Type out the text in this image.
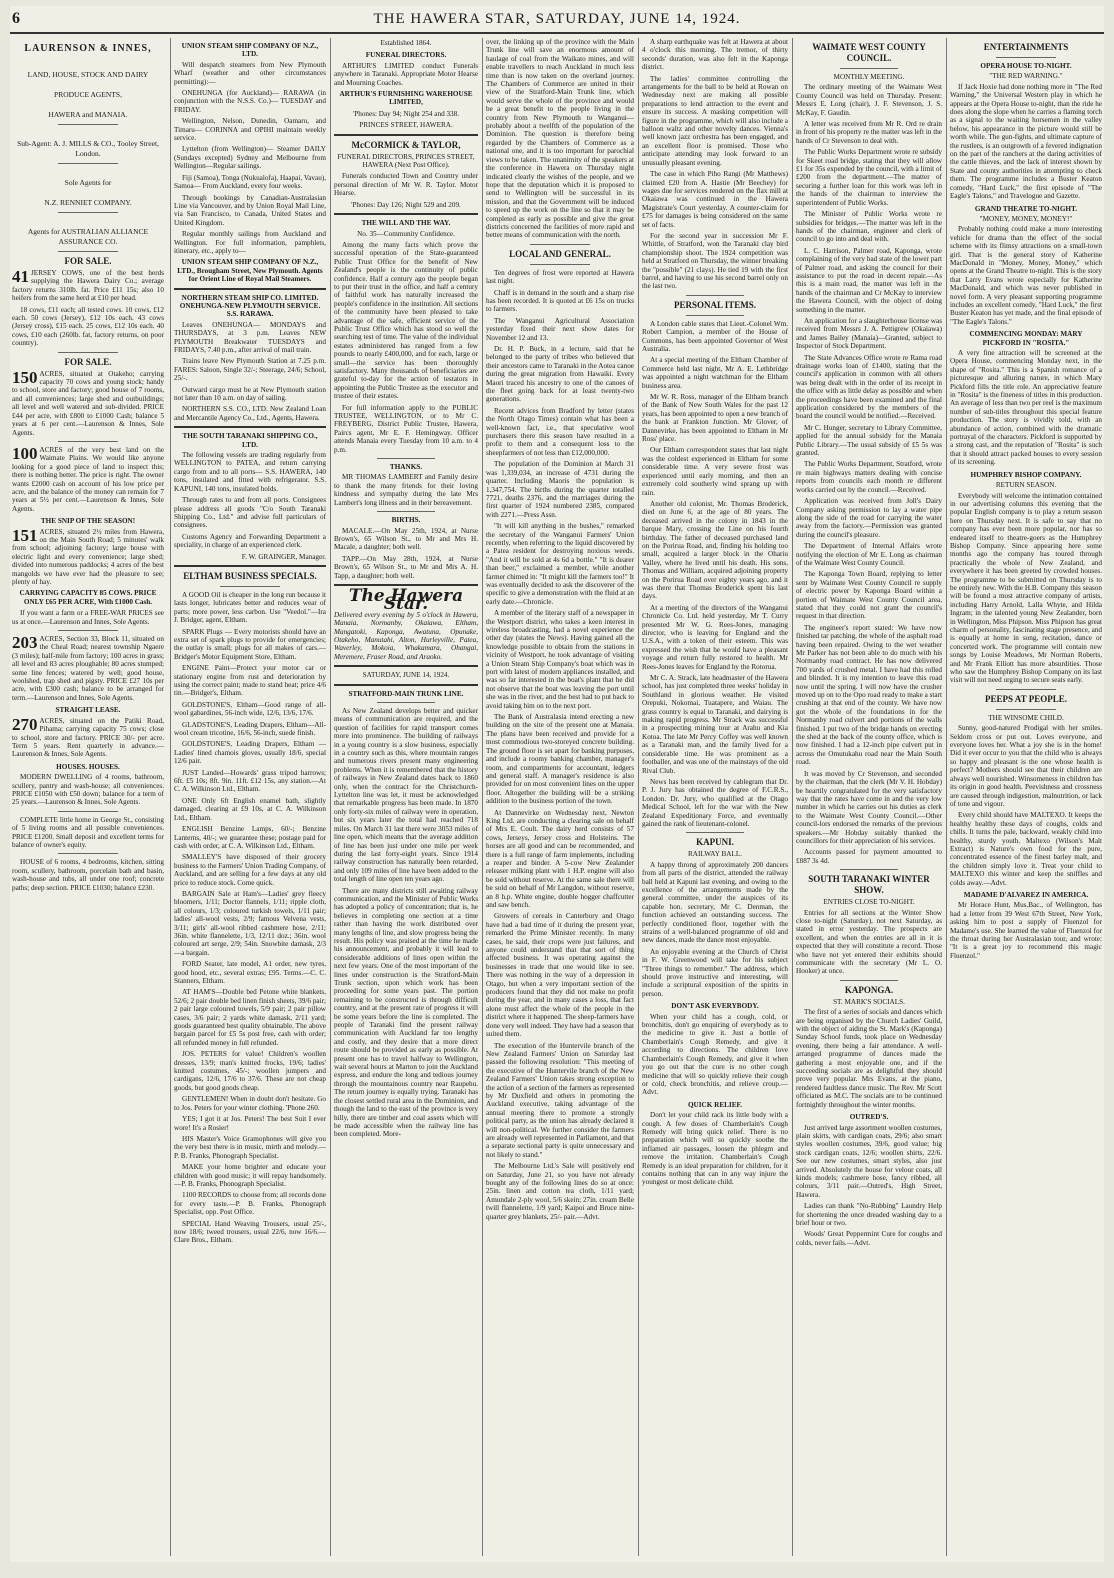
6	THE HAWERA STAR, SATURDAY, JUNE 14, 1924.
LAURENSON & INNES,
LAND, HOUSE, STOCK AND DAIRY
PRODUCE AGENTS,
HAWERA and MANAIA.
Sub-Agent: A. J. MILLS & CO., Tooley Street, London.
Sole Agents for
N.Z. RENNIET COMPANY.
Agents for AUSTRALIAN ALLIANCE ASSURANCE CO.
FOR SALE.

41 JERSEY COWS, one of the best herds supplying the Hawera Dairy Co.; average factory returns 310lb. fat. Price £11 15s; also 10 heifers from the same herd at £10 per head.

18 cows, £11 each; all tested cows. 10 cows, £12 each. 50 cows (Jersey), £12 10s each. 43 cows (Jersey cross), £15 each. 25 cows, £12 10s each. 40 cows, £10 each (260lb. fat, factory returns, on poor country).

FOR SALE.

150 ACRES, situated at Otakeho; carrying capacity 70 cows and young stock; handy to school, store and factory; good house of 7 rooms, and all conveniences; large shed and outbuildings; all level and well watered and sub-divided. PRICE £44 per acre, with £800 to £1000 Cash; balance 5 years at 6 per cent.—Laurenson & Innes, Sole Agents.

100 ACRES of the very best land on the Waimate Plains. We would like anyone looking for a good piece of land to inspect this; there is nothing better. The price is right. The owner wants £2000 cash on account of his low price per acre, and the balance of the money can remain for 7 years at 5½ per cent.—Laurenson & Innes, Sole Agents.

THE SNIP OF THE SEASON!

151 ACRES, situated 2½ miles from Hawera, on the Main South Road; 5 minutes' walk from school; adjoining factory; large house with electric light and every convenience; large shed; divided into numerous paddocks; 4 acres of the best mangolds we have ever had the pleasure to see; plenty of hay.

CARRYING CAPACITY 85 COWS. PRICE ONLY £65 PER ACRE, With £1000 Cash.

If you want a farm or a FREE-WAR PRICES see us at once.—Laurenson and Innes, Sole Agents.

203 ACRES, Section 33, Block 11, situated on the Cheal Road; nearest township Ngaere (3 miles); half-mile from factory; 100 acres in grass; all level and 83 acres ploughable; 80 acres stumped; some line fences; watered by well; good house, woolshed, trap shed and pigsty. PRICE £27 10s per acre, with £300 cash; balance to be arranged for term.—Laurenson and Innes, Sole Agents.

STRAIGHT LEASE.

270 ACRES, situated on the Patiki Road, Pihama; carrying capacity 75 cows; close to school, store and factory. PRICE 30/- per acre. Term 5 years. Rent quarterly in advance.—Laurenson & Innes, Sole Agents.

HOUSES. HOUSES.

MODERN DWELLING of 4 rooms, bathroom, scullery, pantry and wash-house; all conveniences. PRICE £1050 with £50 down; balance for a term of 25 years.—Laurenson & Innes, Sole Agents.

COMPLETE little home in George St., consisting of 5 living rooms and all possible conveniences. PRICE £1200. Small deposit and excellent terms for balance of owner's equity.

HOUSE of 6 rooms, 4 bedrooms, kitchen, sitting room, scullery, bathroom, porcelain bath and basin, wash-house and tubs, all under one roof; concrete paths; deep section. PRICE £1030; balance £230.

UNION STEAM SHIP COMPANY OF N.Z., LTD.

Will despatch steamers from New Plymouth Wharf (weather and other circumstances permitting):—

ONEHUNGA (for Auckland)— RARAWA (in conjunction with the N.S.S. Co.)— TUESDAY and FRIDAY.

Wellington, Nelson, Dunedin, Oamaru, and Timaru— CORINNA and OPIHI maintain weekly service.

Lyttelton (from Wellington)— Steamer DAILY (Sundays excepted) Sydney and Melbourne from Wellington—Regular sailings.

Fiji (Samoa), Tonga (Nukualofa), Haapai, Vavau), Samoa— From Auckland, every four weeks.

Through bookings by Canadian-Australasian Line via Vancouver, and by Union Royal Mail Line, via San Francisco, to Canada, United States and United Kingdom.

Regular monthly sailings from Auckland and Wellington. For full information, pamphlets, itinerary, etc., apply to—

UNION STEAM SHIP COMPANY OF N.Z., LTD., Brougham Street, New Plymouth. Agents for Orient Line of Royal Mail Steamers.

NORTHERN STEAM SHIP CO. LIMITED. ONEHUNGA-NEW PLYMOUTH SERVICE. S.S. RARAWA.

Leaves ONEHUNGA— MONDAYS and THURSDAYS, at 3 p.m. Leaves NEW PLYMOUTH Breakwater TUESDAYS and FRIDAYS, 7.40 p.m., after arrival of mail train.

Trains leave New Plymouth Station at 7.25 p.m. FARES: Saloon, Single 32/-; Steerage, 24/6; School, 25/-.

Outward cargo must be at New Plymouth station not later than 10 a.m. on day of sailing.

NORTHERN S.S. CO., LTD. New Zealand Loan and Mercantile Agency Co., Ltd., Agents, Hawera.

THE SOUTH TARANAKI SHIPPING CO., LTD.

The following vessels are trading regularly from WELLINGTON to PATEA, and return carrying cargo from and to all ports— S.S. HAWERA, 140 tons, insulated and fitted with refrigerator. S.S. KAPUNI, 140 tons, insulated holds.

Through rates to and from all ports. Consignees please address all goods "C/o South Taranaki Shipping Co., Ltd." and advise full particulars of consignees.

Customs Agency and Forwarding Department a speciality, in charge of an experienced clerk.

F. W. GRAINGER, Manager.

ELTHAM BUSINESS SPECIALS.

A GOOD Oil is cheaper in the long run because it lasts longer, lubricates better and reduces wear of parts; more power, less carbon. Use "Veedol."—Ira J. Bridger, agent, Eltham.

SPARK Plugs — Every motorists should have an extra set of spark plugs to provide for emergencies; the outlay is small; plugs for all makes of cars.—Bridger's Motor Equipment Store, Eltham.

ENGINE Paint—Protect your motor car or stationary engine from rust and deterioration by using the correct paint; made to stand heat; price 4/6 tin.—Bridger's, Eltham.

GOLDSTONE'S, Eltham—Good range of all-wool gabardines, 56-inch wide, 12/6, 13/6, 17/6.

GLADSTONE'S, Leading Drapers, Eltham—All-wool cream tricotine, 16/6, 56-inch, suede finish.

GOLDSTONE'S, Leading Drapers, Eltham — Ladies' lined chamois gloves, usually 18/6, special 12/6 pair.

JUST Landed—Howards' grass tripod harrows; 6ft. £5 10s; 8ft. 9in. 11ft. £12 15s, any station.—At C. A. Wilkinson Ltd., Eltham.

ONE Only 6ft English enamel bath, slightly damaged, clearing at £9 10s, at C. A. Wilkinson Ltd., Eltham.

ENGLISH Benzine Lamps, 60/-; Benzine Lanterns, 40/-; we guarantee these; postage paid for cash with order, at C. A. Wilkinson Ltd., Eltham.

SMALLEY'S have disposed of their grocery business to the Farmers' Union Trading Company, of Auckland, and are selling for a few days at any old price to reduce stock. Come quick.

BARGAIN Sale at Ham's—Ladies' grey fleecy bloomers, 1/11; Doctor flannels, 1/11; ripple cloth, all colours, 1/3; coloured turkish towels, 1/11 pair; ladies' all-wool vests, 2/9; famous Velvena vests, 3/11; girls' all-wool ribbed cashmere hose, 2/11; 36in. white flannelette, 1/3, 12/11 doz.; 36in. wool coloured art serge, 2/9; 54in. Snowbite damask, 2/3—a bargain.

FORD Seater, late model, A1 order, new tyres, good hood, etc., several extras; £95. Terms.—C. C. Stanners, Eltham.

AT HAM'S—Double bed Petone white blankets, 52/6; 2 pair double bed linen finish sheets, 39/6 pair; 2 pair large coloured towels, 5/9 pair; 2 pair pillow cases, 3/6 pair; 2 yards white damask, 2/11 yard; goods guaranteed best quality obtainable. The above bargain parcel for £5 5s post free, cash with order; all refunded money in full refunded.

JOS. PETERS for value! Children's woollen dresses, 13/9; man's knitted frocks, 19/6; ladies' knitted costumes, 45/-; woollen jumpers and cardigans, 12/6, 17/6 to 37/6. These are not cheap goods, but good goods cheap.

GENTLEMEN! When in doubt don't hesitate. Go to Jos. Peters for your winter clothing. 'Phone 260.

YES; I got it at Jos. Peters! The best Suit I ever wore! It's a Rosier!

HIS Master's Voice Gramophones will give you the very best there is in music, mirth and melody.—P. B. Franks, Phonograph Specialist.

MAKE your home brighter and educate your children with good music; it will repay handsomely.—P. B. Franks, Phonograph Specialist.

1100 RECORDS to choose from; all records done for every taste.—P. B. Franks, Phonograph Specialist, opp. Post Office.

SPECIAL Hand Weaving Trousers, usual 25/-, now 18/6; tweed trousers, usual 22/6, now 16/6.—Clare Bros., Eltham.

Established 1864.
FUNERAL DIRECTORS.

ARTHUR'S LIMITED conduct Funerals anywhere in Taranaki. Appropriate Motor Hearse and Mourning Coaches.

ARTHUR'S FURNISHING WAREHOUSE LIMITED,

'Phones: Day 94; Night 254 and 338.

PRINCES STREET, HAWERA.

McCORMICK & TAYLOR,

FUNERAL DIRECTORS, PRINCES STREET, HAWERA (Next Post Office).

Funerals conducted Town and Country under personal direction of Mr W. R. Taylor. Motor Hearse.

'Phones: Day 126; Night 529 and 209.

THE WILL AND THE WAY.

No. 35—Community Confidence.

Among the many facts which prove the successful operation of the State-guaranteed Public Trust Office for the benefit of New Zealand's people is the continuity of public confidence. Half a century ago the people began to put their trust in the office, and half a century of faithful work has naturally increased the people's confidence in the institution. All sections of the community have been pleased to take advantage of the safe, efficient service of the Public Trust Office which has stood so well the searching test of time. The value of the individual estates administered has ranged from a few pounds to nearly £400,000, and for each, large or small—the service has been thoroughly satisfactory. Many thousands of beneficiaries are grateful to-day for the action of testators in appointing the Public Trustee as the executor and trustee of their estates.

For full information apply to the PUBLIC TRUSTEE, WELLINGTON, or to Mr C. FREYBERG, District Public Trustee, Hawera, Paircs agent, Mr E. F. Hemingway. Officer attends Manaia every Tuesday from 10 a.m. to 4 p.m.

THANKS.

MR THOMAS LAMBERT and Family desire to thank the many friends for their loving kindness and sympathy during the late Mrs Lambert's long illness and in their bereavement.

BIRTHS.

MACALE.—On May 25th, 1924, at Nurse Brown's, 65 Wilson St., to Mr and Mrs H. Macale, a daughter; both well.

TAPP.—On May 28th, 1924, at Nurse Brown's, 65 Wilson St., to Mr and Mrs A. H. Tapp, a daughter; both well.

The Hawera Star.

Delivered every evening by 5 o'clock in Hawera, Manaia, Normanby, Okaiawa, Eltham, Mangatoki, Kaponga, Awatuna, Opunake, Otakeho, Manutahi, Alton, Hurleyville, Patea, Waverley, Mokoia, Whakamara, Ohangai, Meremere, Fraser Road, and Araoko.

SATURDAY, JUNE 14, 1924.
STRATFORD-MAIN TRUNK LINE.

As New Zealand develops better and quicker means of communication are required, and the question of facilities for rapid transport comes more into prominence. The building of railways in a young country is a slow business, especially in a country such as this, where mountain ranges and numerous rivers present many engineering problems. When it is remembered that the history of railways in New Zealand dates back to 1860 only, when the contract for the Christchurch-Lyttelton line was let, it must be acknowledged that remarkable progress has been made. In 1870 only forty-six miles of railway were in operation, but six years later the total had reached 718 miles. On March 31 last there were 3053 miles of line open, which means that the average addition of line has been just under one mile per week during the last forty-eight years. Since 1914 railway construction has naturally been retarded, and only 109 miles of line have been added to the total length of line open ten years ago.

There are many districts still awaiting railway communication, and the Minister of Public Works has adopted a policy of concentration; that is, he believes in completing one section at a time rather than having the work distributed over many lengths of line, and slow progress being the result. His policy was praised at the time he made his announcement, and probably it will lead to considerable additions of lines open within the next few years. One of the most important of the lines under construction is the Stratford-Main Trunk section, upon which work has been proceeding for some years past. The portion remaining to be constructed is through difficult country, and at the present rate of progress it will be some years before the line is completed. The people of Taranaki find the present railway communication with Auckland far too lengthy and costly, and they desire that a more direct route should be provided as early as possible. At present one has to travel halfway to Wellington, wait several hours at Marton to join the Auckland express, and endure the long and tedious journey through the mountainous country near Raupehu. The return journey is equally trying. Taranaki has the closest settled rural area in the Dominion, and though the land to the east of the province is very hilly, there are timber and coal assets which will be made accessible when the railway line has been completed. More-

over, the linking up of the province with the Main Trunk line will save an enormous amount of haulage of coal from the Waikato mines, and will enable travellers to reach Auckland in much less time than is now taken on the overland journey. The Chambers of Commerce are united in their view of the Stratford-Main Trunk line, which would serve the whole of the province and would be a great benefit to the people living in the country from New Plymouth to Wanganui—probably about a twelfth of the population of the Dominion. The question is therefore being regarded by the Chambers of Commerce as a national one, and it is too important for parochial views to be taken. The unanimity of the speakers at the conference in Hawera on Thursday night indicated clearly the wishes of the people, and we hope that the deputation which it is proposed to send to Wellington will be successful in its mission, and that the Government will be induced to speed up the work on the line so that it may be completed as early as possible and give the great districts concerned the facilities of more rapid and better means of communication with the north.

LOCAL AND GENERAL.

Ten degrees of frost were reported at Hawera last night.

Chaff is in demand in the south and a sharp rise has been recorded. It is quoted at £6 15s on trucks to farmers.

The Wanganui Agricultural Association yesterday fixed their next show dates for November 12 and 13.

Dr. H. P. Buck, in a lecture, said that he belonged to the party of tribes who believed that their ancestors came to Taranaki in the Aotea canoe during the great migration from Hawaiki. Every Maori traced his ancestry to one of the canoes of the fleet going back for at least twenty-two generations.

Recent advices from Bradford by letter (states the North Otago Times) contain what has been a well-known fact, i.e., that speculative wool purchasers there this season have resulted in a profit to them and a consequent loss to the sheepfarmers of not less than £12,000,000.

The population of the Dominion at March 31 was 1,339,034, an increase of 4731 during the quarter. Including Maoris the population is 1,347,754. The births during the quarter totalled 7721, deaths 2376, and the marriages during the first quarter of 1924 numbered 2385, compared with 2271.—Press Assn.

"It will kill anything in the bushes," remarked the secretary of the Wanganui Farmers' Union recently, when referring to the liquid discovered by a Patea resident for destroying noxious weeds. "And it will be sold at 4s 6d a bottle." "It is dearer than beer," exclaimed a member, while another farmer chimed in: "It might kill the farmers too!" It was eventually decided to ask the discoverer of the specific to give a demonstration with the fluid at an early date.—Chronicle.

A member of the literary staff of a newspaper in the Westport district, who takes a keen interest in wireless broadcasting, had a novel experience the other day (states the News). Having gained all the knowledge possible to obtain from the stations in vicinity of Westport, he took advantage of visiting a Union Steam Ship Company's boat which was in port with latest of modern appliances installed, and was so far interested in the boat's plant that he did not observe that the boat was leaving the port until she was in the river, and the best had to put back to avoid taking him on to the next port.

The Bank of Australasia intend erecting a new building on the site of the present one at Manaia. The plans have been received and provide for a most commodious two-storeyed concrete building. The ground floor is set apart for banking purposes, and include a roomy banking chamber, manager's room, and compartments for accountant, ledgers and general staff. A manager's residence is also provided for on most convenient lines on the upper floor. Altogether the building will be a striking addition to the business portion of the town.

At Dannevirke on Wednesday next, Newton King Ltd. are conducting a clearing sale on behalf of Mrs E. Coult. The dairy herd consists of 57 cows, Jerseys, Jersey cross and Holsteins. The horses are all good and can be recommended, and there is a full range of farm implements, including a reaper and binder. A 5-cow New Zealander releaser milking plant with 1 H.P. engine will also be sold without reserve. At the same sale there will be sold on behalf of Mr Langdon, without reserve, an 8 h.p. White engine, double hogger chaffcutter and saw bench.

Growers of cereals in Canterbury and Otago have had a bad time of it during the present year, remarked the Prime Minister recently. In many cases, he said, their crops were just failures, and anyone could understand that that sort of thing affected business. It was operating against the businesses in trade that one would like to see. There was nothing in the way of a depression in Otago, but when a very important section of the producers found that they did not make no profit during the year, and in many cases a loss, that fact alone must affect the whole of the people in the district where it happened. The sheep-farmers have done very well indeed. They have had a season that suited them.

The execution of the Huntervile branch of the New Zealand Farmers' Union on Saturday last passed the following resolution: "This meeting of the executive of the Huntervile branch of the New Zealand Farmers' Union takes strong exception to the action of a section of the farmers as represented by Mr Duxfield and others in promoting the Auckland executive, taking advantage of the annual meeting there to promote a strongly political party, as the union has already declared it will non-political. We further consider the farmers are already well represented in Parliament, and that a separate sectional party is quite unnecessary and not likely to stand."

The Melbourne Ltd.'s Sale will positively end on Saturday, June 21, so you have not already bought any of the following lines do so at once: 25in. linen and cotton tea cloth, 1/11 yard; Amundale 2-ply wool, 5/6 skein; 27in. cream Belle twill flannelette, 1/9 yard; Kaipoi and Bruce nine-quarter grey blankets, 25/- pair.—Advt.

A sharp earthquake was felt at Hawera at about 4 o'clock this morning. The tremor, of thirty seconds' duration, was also felt in the Kaponga district.

The ladies' committee controlling the arrangements for the ball to be held at Rowan on Wednesday next are making all possible preparations to lend attraction to the event and ensure its success. A masking competition will figure in the programme, which will also include a balloon waltz and other novelty dances. Vienna's well known jazz orchestra has been engaged, and an excellent floor is promised. Those who anticipate attending may look forward to an unusually pleasant evening.

The case in which Piho Rangi (Mr Matthews) claimed £20 from A. Hastie (Mr Beechey) for wages due for services rendered on the flax mill at Okaiawa was continued in the Hawera Magistrate's Court yesterday. A counter-claim for £75 for damages is being considered on the same set of facts.

For the second year in succession Mr F. Whittle, of Stratford, won the Taranaki clay bird championship shoot. The 1924 competition was held at Stratford on Thursday, the winner breaking the "possible" (21 clays). He tied 19 with the first barrel, and having to use his second barrel only on the last two.

PERSONAL ITEMS.

A London cable states that Lieut.-Colonel Wm. Robert Campion, a member of the House of Commons, has been appointed Governor of West Australia.

At a special meeting of the Eltham Chamber of Commerce held last night, Mr A. E. Lethbridge was appointed a night watchman for the Eltham business area.

Mr W. R. Ross, manager of the Eltham branch of the Bank of New South Wales for the past 12 years, has been appointed to open a new branch of the bank at Frankton Junction. Mr Glover, of Dannevirke, has been appointed to Eltham in Mr Ross' place.

Our Eltham correspondent states that last night was the coldest experienced in Eltham for some considerable time. A very severe frost was experienced until early morning, and then an extremely cold southerly wind sprang up with rain.

Another old colonist, Mr. Thomas Broderick, died on June 6, at the age of 80 years. The deceased arrived in the colony in 1843 in the barque Mary, crossing the Line on his fourth birthday. The father of deceased purchased land on the Porirua Road, and, finding his holding too small, acquired a larger block in the Ohariu Valley, where he lived until his death. His sons, Thomas and William, acquired adjoining property on the Porirua Road over eighty years ago, and it was there that Thomas Broderick spent his last days.

At a meeting of the directors of the Wanganui Chronicle Co. Ltd. held yesterday, Mr T. Curry presented Mr W. G. Rees-Jones, managing director, who is leaving for England and the U.S.A., with a token of their esteem. This was expressed the wish that he would have a pleasant voyage and return fully restored to health. Mr Rees-Jones leaves for England by the Rotorua.

Mr C. A. Strack, late headmaster of the Hawera school, has just completed three weeks' holiday in Southland in glorious weather. He visited Orepuki, Nokomai, Tuatapere, and Waiau. The grass country is equal to Taranaki, and dairying is making rapid progress. Mr Strack was successful in a prospecting mining tour at Arahu and Kia Kotoa. The late Mr Percy Coffey was well known as a Taranaki man, and the family lived for a considerable time. He was prominent as a footballer, and was one of the mainstays of the old Rival Club.

News has been received by cablegram that Dr. P. J. Jury has obtained the degree of F.C.R.S., London. Dr. Jury, who qualified at the Otago Medical School, left for the war with the New Zealand Expeditionary Force, and eventually gained the rank of lieutenant-colonel.

KAPUNI.
RAILWAY BALL.

A happy throng of approximately 200 dancers from all parts of the district, attended the railway ball held at Kapuni last evening, and owing to the excellence of the arrangements made by the general committee, under the auspices of its capable hon. secretary, Mr C. Denman, the function achieved an outstanding success. The perfectly conditioned floor, together with the strains of a well-balanced programme of old and new dances, made the dance most enjoyable.

An enjoyable evening at the Church of Christ in F. W. Greenwood will take for his subject "Three things to remember." The address, which should prove instructive and interesting, will include a scriptural exposition of the spirits in person.

DON'T ASK EVERYBODY.

When your child has a cough, cold, or bronchitis, don't go enquiring of everybody as to the medicine to give it. Just a bottle of Chamberlain's Cough Remedy, and give it according to directions. The children love Chamberlain's Cough Remedy, and give it when you go out that the cure is no other cough medicine that will so quickly relieve their cough or cold, check bronchitis, and relieve croup.—Advt.

QUICK RELIEF.

Don't let your child rack its little body with a cough. A few doses of Chamberlain's Cough Remedy will bring quick relief. There is no preparation which will so quickly soothe the inflamed air passages, loosen the phlegm and remove the irritation. Chamberlain's Cough Remedy is an ideal preparation for children, for it contains nothing that can in any way injure the youngest or most delicate child.

WAIMATE WEST COUNTY COUNCIL.
MONTHLY MEETING.

The ordinary meeting of the Waimate West County Council was held on Thursday. Present: Messrs E. Long (chair), J. F. Stevenson, J. S. McKay, F. Gaudin.

A letter was received from Mr R. Ord re drain in front of his property re the matter was left in the hands of Cr Stevenson to deal with.

The Public Works Department wrote re subsidy for Skeet road bridge, stating that they will allow £1 for 35s expended by the council, with a limit of £200 from the department.—The matter of securing a further loan for this work was left in the hands of the chairman to interview the superintendent of Public Works.

The Minister of Public Works wrote re subsidies for bridges.—The matter was left in the hands of the chairman, engineer and clerk of council to go into and deal with.

L. C. Harrison, Palmer road, Kaponga, wrote complaining of the very bad state of the lower part of Palmer road, and asking the council for their assistance to put the road in decent repair.—As this is a main road, the matter was left in the hands of the chairman and Cr McKay to interview the Hawera Council, with the object of doing something in the matter.

An application for a slaughterhouse license was received from Messrs J. A. Pettigrew (Okaiawa) and James Bailey (Manaia)—Granted, subject to Inspector of Stock Department.

The State Advances Office wrote re Rama road drainage works loan of £1400, stating that the council's application in common with all others was being dealt with in the order of its receipt in the office with as little delay as possible and when the proceedings have been examined and the final application considered by the members of the board the council would be notified.—Received.

Mr C. Hunger, secretary to Library Committee, applied for the annual subsidy for the Manaia Public Library.—The usual subsidy of £5 5s was granted.

The Public Works Department, Stratford, wrote re main highways matters dealing with concise reports from councils each month re different works carried out by the council.—Received.

Application was received from Joll's Dairy Company asking permission to lay a water pipe along the side of the road for carrying the water away from the factory.—Permission was granted during the council's pleasure.

The Department of Internal Affairs wrote notifying the election of Mr E. Long as chairman of the Waimate West County Council.

The Kaponga Town Board, replying to letter sent by Waimate West County Council re supply of electric power by Kaponga Board within a portion of Waimate West County Council area, stated that they could not grant the council's request in that direction.

The engineer's report stated: We have now finished tar patching, the whole of the asphalt road having been repaired. Owing to the wet weather Mr Parker has not been able to do much with his Normanby road contract. He has now delivered 700 yards of crushed metal. I have had this rolled and blinded. It is my intention to leave this road now until the spring. I will now have the crusher moved up on to the Opo road ready to make a start crushing at that end of the county. We have now got the whole of the foundations in for the Normanby road culvert and portions of the walls finished. I put two of the bridge hands on erecting the shed at the back of the county office, which is now finished. I had a 12-inch pipe culvert put in across the Omutukahu road near the Main South road.

It was moved by Cr Stevenson, and seconded by the chairman, that the clerk (Mr V. H. Hobday) be heartily congratulated for the very satisfactory way that the rates have come in and the very low number in which he carries out his duties as clerk to the Waimate West County Council.—Other council-lors endorsed the remarks of the previous speakers.—Mr Hobday suitably thanked the councillors for their appreciation of his services.

Accounts passed for payment amounted to £887 3s 4d.

SOUTH TARANAKI WINTER SHOW.
ENTRIES CLOSE TO-NIGHT.

Entries for all sections at the Winter Show close to-night (Saturday), not next Saturday, as stated in error yesterday. The prospects are excellent, and when the entries are all in it is expected that they will constitute a record. Those who have not yet entered their exhibits should communicate with the secretary (Mr L. O. Hooker) at once.

KAPONGA.
ST. MARK'S SOCIALS.

The first of a series of socials and dances which are being organised by the Church Ladies' Guild, with the object of aiding the St. Mark's (Kaponga) Sunday School funds, took place on Wednesday evening, there being a fair attendance. A well-arranged programme of dances made the gathering a most enjoyable one, and if the succeeding socials are as delightful they should prove very popular. Mrs Evans, at the piano, rendered faultless dance music. The Rev. Mr Scott officiated as M.C. The socials are to be continued fortnightly throughout the winter months.

OUTRED'S.

Just arrived large assortment woollen costumes, plain skirts, with cardigan coats, 29/6; also smart styles woollen costumes, 39/6, good value; big stock cardigan coats, 12/6; woollen shirts, 22/6. See our new costumes, smart styles, also just arrived. Absolutely the house for velour coats, all kinds models; cashmere hose, fancy ribbed, all colours, 3/11 pair.—Outred's, High Street, Hawera.

Ladies can thank "No-Rubbing" Laundry Help for shortening the once dreaded washing day to a brief hour or two.

Woods' Great Peppermint Cure for coughs and colds, never fails.—Advt.

ENTERTAINMENTS
OPERA HOUSE TO-NIGHT.
"THE RED WARNING."

If Jack Hoxie had done nothing more in "The Red Warning," the Universal Western play in which he appears at the Opera House to-night, than the ride he does along the slope when he carries a flaming torch as a signal to the waiting horsemen in the valley below, his appearance in the picture would still be worth while. The gun-fights, and ultimate capture of the rustlers, is an outgrowth of a fevered indignation on the part of the ranchers at the daring activities of the cattle thieves, and the lack of interest shown by State and county authorities in attempting to check them. The programme includes a Buster Keaton comedy, "Hard Luck," the first episode of "The Eagle's Talons," and Travelogue and Gazette.

GRAND THEATRE TO-NIGHT.
"MONEY, MONEY, MONEY!"

Probably nothing could make a more interesting vehicle for drama than the effect of the social scheme with its flimsy attractions on a small-town girl. That is the general story of Katherine MacDonald in "Money, Money, Money," which opens at the Grand Theatre to-night. This is the story that Larry Evans wrote especially for Katherine MacDonald, and which was never published in novel form. A very pleasant supporting programme includes an excellent comedy, "Hard Luck," the first Buster Keaton has yet made, and the final episode of "The Eagle's Talons."

COMMENCING MONDAY: MARY PICKFORD IN "ROSITA."

A very fine attraction will be screened at the Opera House, commencing Monday next, in the shape of "Rosita." This is a Spanish romance of a picturesque and alluring nature, in which Mary Pickford fills the title role. An appreciative feature in "Rosita" is the fineness of titles in this production. An average of less than two per reel is the maximum number of sub-titles throughout this special feature production. The story is vividly told, with an abundance of action, combined with the dramatic portrayal of the characters. Pickford is supported by a strong cast, and the reputation of "Rosita" is such that it should attract packed houses to every session of its screening.

HUMPHREY BISHOP COMPANY.
RETURN SEASON.

Everybody will welcome the intimation contained in our advertising columns this evening that the popular English company is to play a return season here on Thursday next. It is safe to say that no company has ever been more popular, nor has so endeared itself to theatre-goers as the Humphrey Bishop Company. Since appearing here some months ago the company has toured through practically the whole of New Zealand, and everywhere it has been greeted by crowded houses. The programme to be submitted on Thursday is to be entirely new. With the H.B. Company this season will be found a most attractive company of artists, including Harry Arnold, Lalla Whyte, and Hilda Ingram; in the talented young New Zealander, born in Wellington, Miss Phipson. Miss Phipson has great charm of personality, fascinating stage presence, and is equally at home in song, recitation, dance or concerted work. The programme will contain new songs by Louise Meadows, Mr Norman Roberts, and Mr Frank Elliott has more absurdities. Those who saw the Humphrey Bishop Company on its last visit will not need urging to secure seats early.

PEEPS AT PEOPLE.
THE WINSOME CHILD.

Sunny, good-natured Prodigal with her smiles. Seldom cross or put out. Loves everyone, and everyone loves her. What a joy she is in the home! Did it ever occur to you that the child who is always so happy and pleasant is the one whose health is perfect? Mothers should see that their children are always well nourished. Winsomeness in children has its origin in good health. Peevishness and crossness are caused through indigestion, malnutrition, or lack of tone and vigour.

Every child should have MALTEXO. It keeps the healthy healthy these days of coughs, colds and chills. It turns the pale, backward, weakly child into healthy, sturdy youth. Maltexo (Wilson's Malt Extract) is Nature's own food for the pure, concentrated essence of the finest barley malt, and the children simply love it. Treat your child to MALTEXO this winter and keep the sniffles and colds away.—Advt.

MADAME D'ALVAREZ IN AMERICA.

Mr Horace Hunt, Mus.Bac., of Wellington, has had a letter from 39 West 67th Street, New York, asking him to post a supply of Fluenzol for Madame's use. She learned the value of Fluenzol for the throat during her Australasian tour, and wrote: "It is a great joy to recommend this magic Fluenzol."
